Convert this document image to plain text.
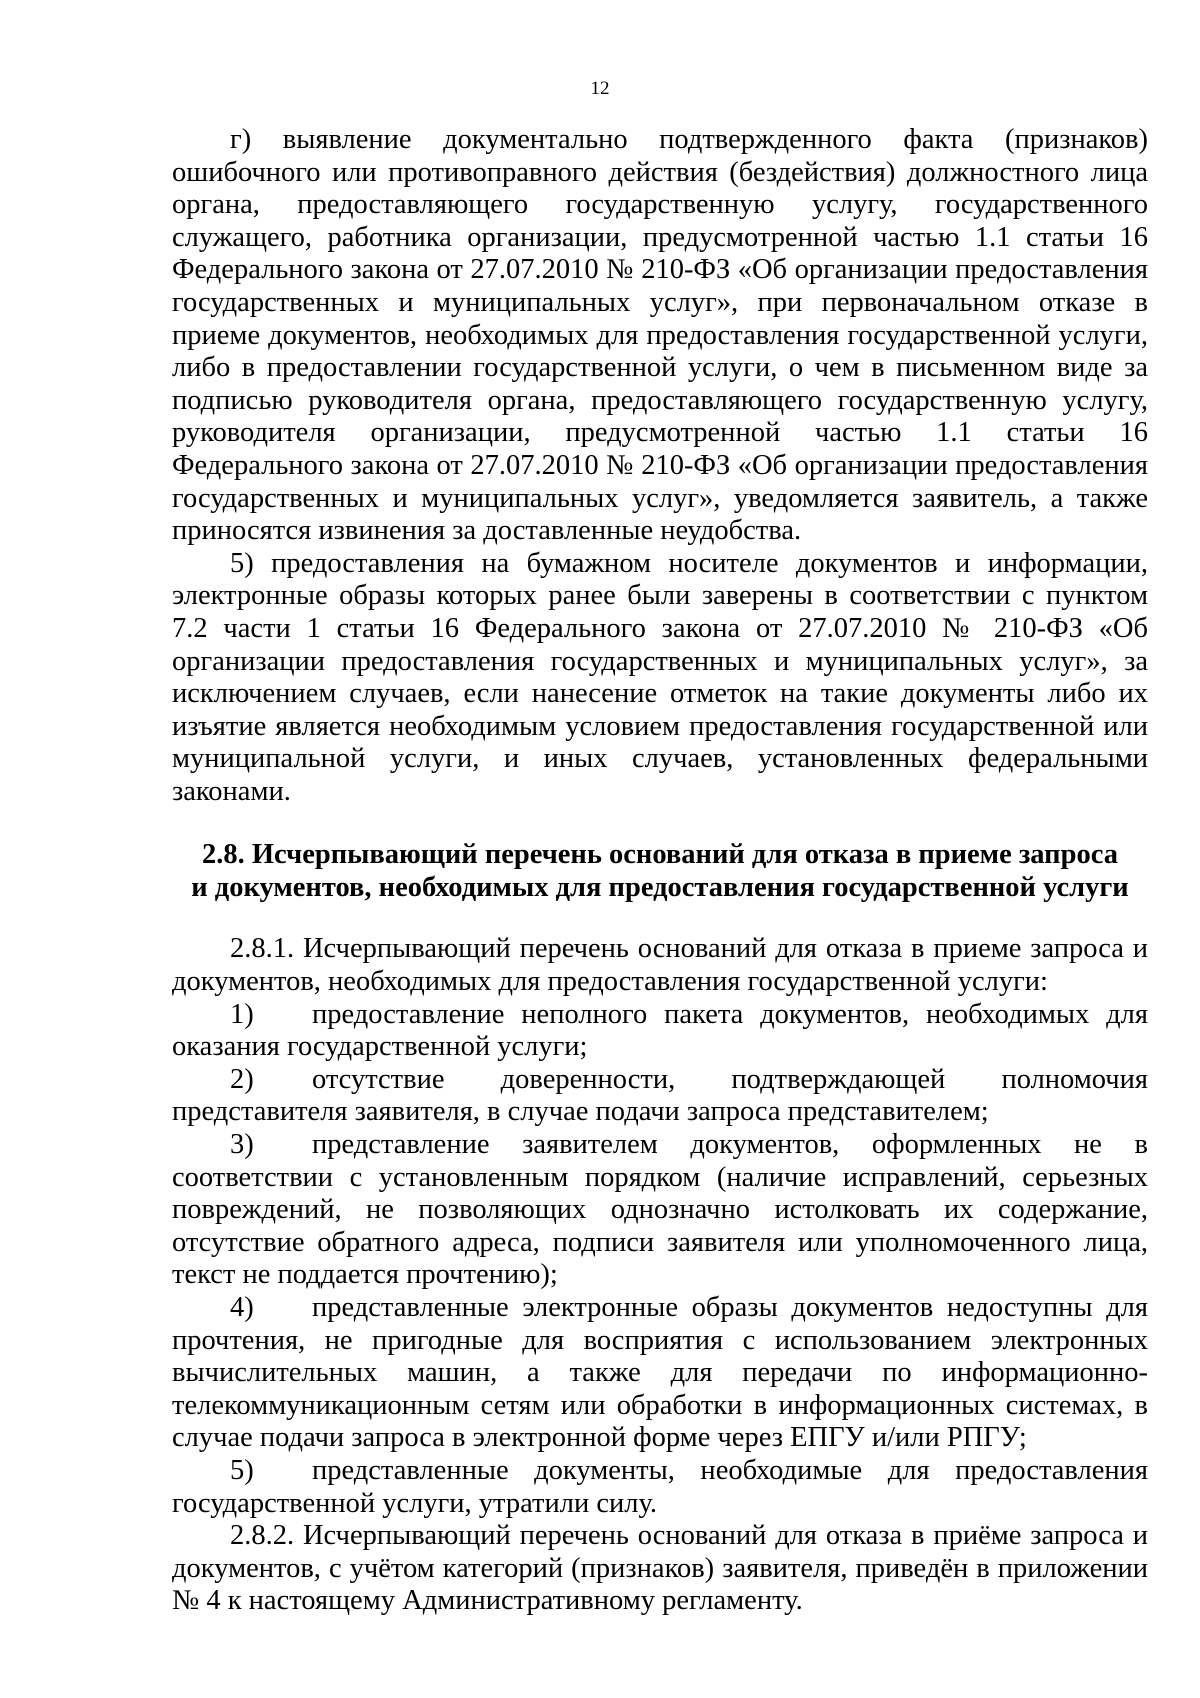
12

г) выявление документально подтвержденного факта (признаков) ошибочного или противоправного действия (бездействия) должностного лица органа, предоставляющего государственную услугу, государственного служащего, работника организации, предусмотренной частью 1.1 статьи 16 Федерального закона от 27.07.2010 № 210-ФЗ «Об организации предоставления государственных и муниципальных услуг», при первоначальном отказе в приеме документов, необходимых для предоставления государственной услуги, либо в предоставлении государственной услуги, о чем в письменном виде за подписью руководителя органа, предоставляющего государственную услугу, руководителя организации, предусмотренной частью 1.1 статьи 16 Федерального закона от 27.07.2010 № 210-ФЗ «Об организации предоставления государственных и муниципальных услуг», уведомляется заявитель, а также приносятся извинения за доставленные неудобства.

5) предоставления на бумажном носителе документов и информации, электронные образы которых ранее были заверены в соответствии с пунктом 7.2 части 1 статьи 16 Федерального закона от 27.07.2010 № 210-ФЗ «Об организации предоставления государственных и муниципальных услуг», за исключением случаев, если нанесение отметок на такие документы либо их изъятие является необходимым условием предоставления государственной или муниципальной услуги, и иных случаев, установленных федеральными законами.

2.8. Исчерпывающий перечень оснований для отказа в приеме запроса
и документов, необходимых для предоставления государственной услуги

2.8.1. Исчерпывающий перечень оснований для отказа в приеме запроса и документов, необходимых для предоставления государственной услуги:

1) предоставление неполного пакета документов, необходимых для оказания государственной услуги;

2) отсутствие доверенности, подтверждающей полномочия представителя заявителя, в случае подачи запроса представителем;

3) представление заявителем документов, оформленных не в соответствии с установленным порядком (наличие исправлений, серьезных повреждений, не позволяющих однозначно истолковать их содержание, отсутствие обратного адреса, подписи заявителя или уполномоченного лица, текст не поддается прочтению);

4) представленные электронные образы документов недоступны для прочтения, не пригодные для восприятия с использованием электронных вычислительных машин, а также для передачи по информационно-телекоммуникационным сетям или обработки в информационных системах, в случае подачи запроса в электронной форме через ЕПГУ и/или РПГУ;

5) представленные документы, необходимые для предоставления государственной услуги, утратили силу.

2.8.2. Исчерпывающий перечень оснований для отказа в приёме запроса и документов, с учётом категорий (признаков) заявителя, приведён в приложении № 4 к настоящему Административному регламенту.
